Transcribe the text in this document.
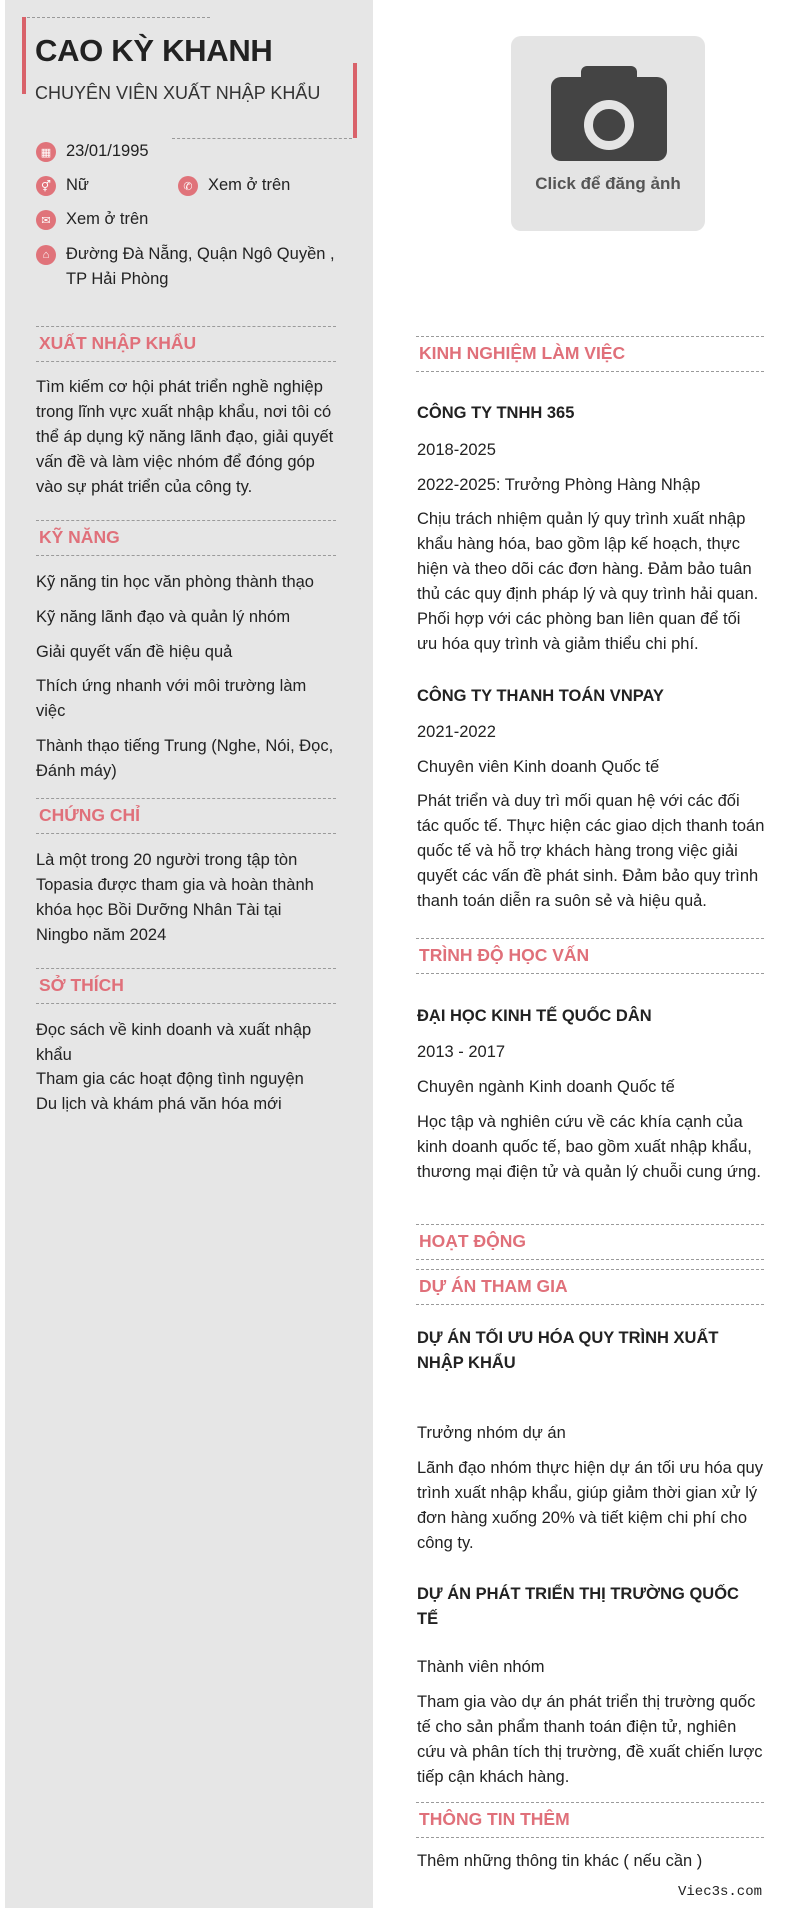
CAO KỲ KHANH
CHUYÊN VIÊN XUẤT NHẬP KHẨU
▦ 23/01/1995
⚥ Nữ	✆ Xem ở trên
✉ Xem ở trên
⌂	Đường Đà Nẵng, Quận Ngô Quyền ,
TP Hải Phòng
Click để đăng ảnh
XUẤT NHẬP KHẨU
Tìm kiếm cơ hội phát triển nghề nghiệp trong lĩnh vực xuất nhập khẩu, nơi tôi có thể áp dụng kỹ năng lãnh đạo, giải quyết vấn đề và làm việc nhóm để đóng góp vào sự phát triển của công ty.
KỸ NĂNG
Kỹ năng tin học văn phòng thành thạo
Kỹ năng lãnh đạo và quản lý nhóm
Giải quyết vấn đề hiệu quả
Thích ứng nhanh với môi trường làm việc
Thành thạo tiếng Trung (Nghe, Nói, Đọc, Đánh máy)
CHỨNG CHỈ
Là một trong 20 người trong tập tòn Topasia được tham gia và hoàn thành khóa học Bồi Dưỡng Nhân Tài tại Ningbo năm 2024
SỞ THÍCH
Đọc sách về kinh doanh và xuất nhập khẩu
Tham gia các hoạt động tình nguyện
Du lịch và khám phá văn hóa mới
KINH NGHIỆM LÀM VIỆC
CÔNG TY TNHH 365
2018-2025
2022-2025: Trưởng Phòng Hàng Nhập
Chịu trách nhiệm quản lý quy trình xuất nhập khẩu hàng hóa, bao gồm lập kế hoạch, thực hiện và theo dõi các đơn hàng. Đảm bảo tuân thủ các quy định pháp lý và quy trình hải quan. Phối hợp với các phòng ban liên quan để tối ưu hóa quy trình và giảm thiểu chi phí.
CÔNG TY THANH TOÁN VNPAY
2021-2022
Chuyên viên Kinh doanh Quốc tế
Phát triển và duy trì mối quan hệ với các đối tác quốc tế. Thực hiện các giao dịch thanh toán quốc tế và hỗ trợ khách hàng trong việc giải quyết các vấn đề phát sinh. Đảm bảo quy trình thanh toán diễn ra suôn sẻ và hiệu quả.
TRÌNH ĐỘ HỌC VẤN
ĐẠI HỌC KINH TẾ QUỐC DÂN
2013 - 2017
Chuyên ngành Kinh doanh Quốc tế
Học tập và nghiên cứu về các khía cạnh của kinh doanh quốc tế, bao gồm xuất nhập khẩu, thương mại điện tử và quản lý chuỗi cung ứng.
HOẠT ĐỘNG
DỰ ÁN THAM GIA
DỰ ÁN TỐI ƯU HÓA QUY TRÌNH XUẤT NHẬP KHẨU
Trưởng nhóm dự án
Lãnh đạo nhóm thực hiện dự án tối ưu hóa quy trình xuất nhập khẩu, giúp giảm thời gian xử lý đơn hàng xuống 20% và tiết kiệm chi phí cho công ty.
DỰ ÁN PHÁT TRIỂN THỊ TRƯỜNG QUỐC TẾ
Thành viên nhóm
Tham gia vào dự án phát triển thị trường quốc tế cho sản phẩm thanh toán điện tử, nghiên cứu và phân tích thị trường, đề xuất chiến lược tiếp cận khách hàng.
THÔNG TIN THÊM
Thêm những thông tin khác ( nếu cần )
Viec3s.com
